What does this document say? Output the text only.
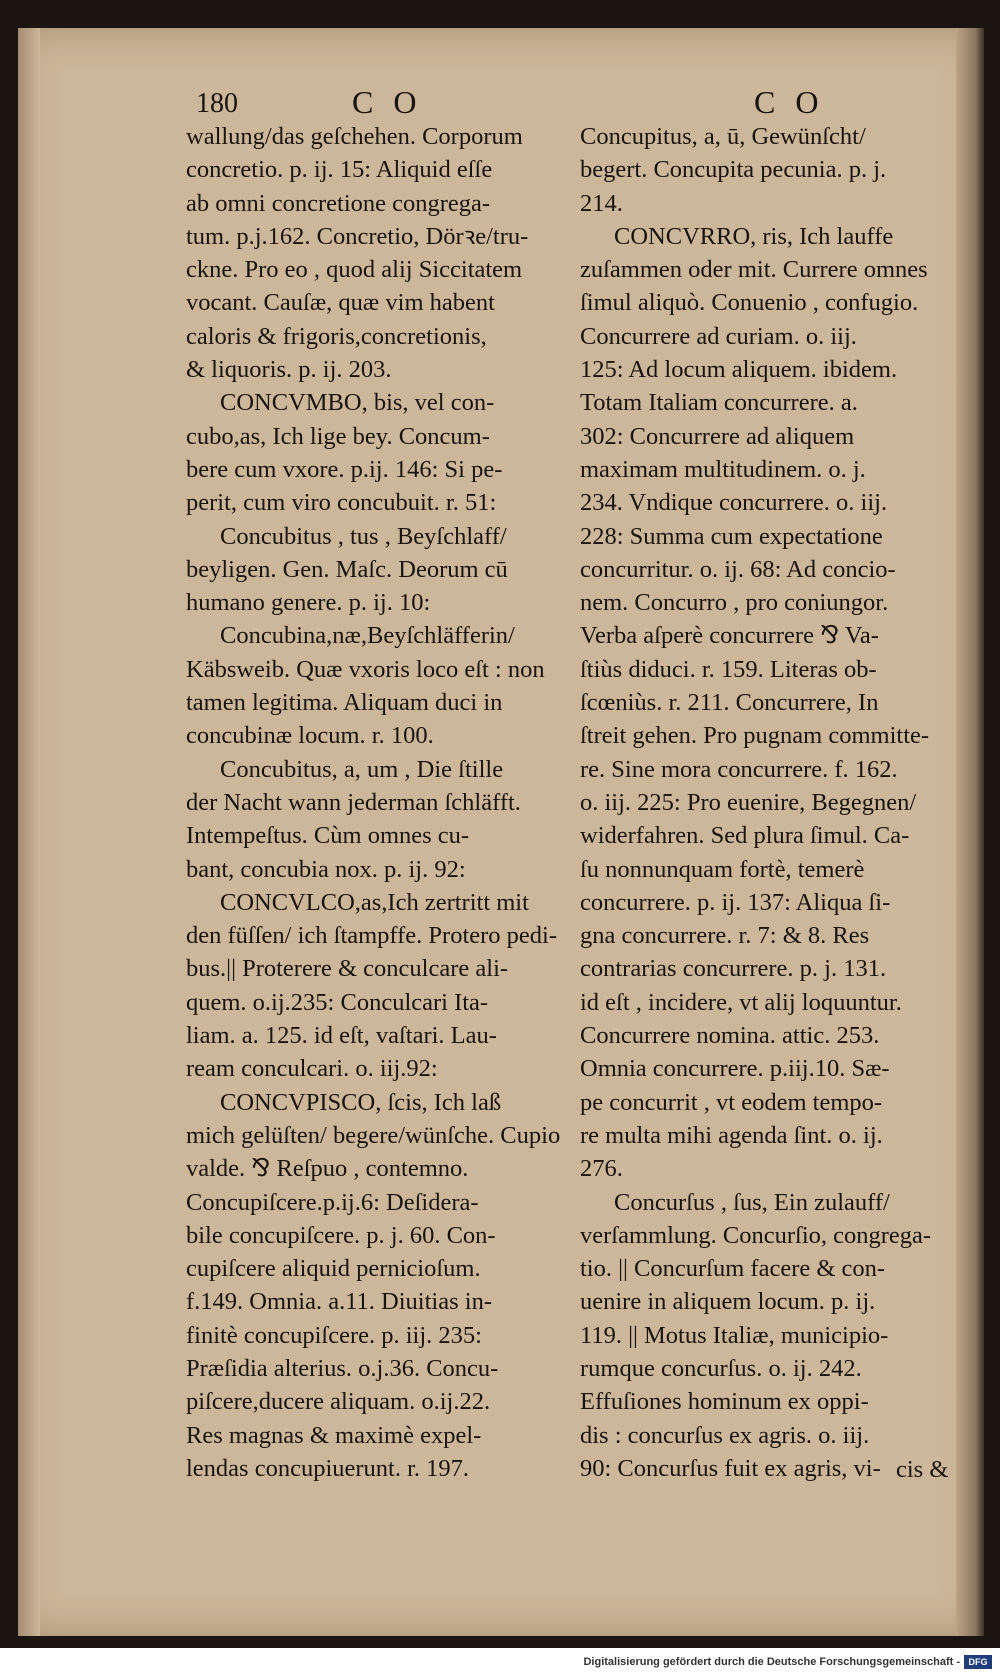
180	C O	C O
wallung/das geſchehen. Corporum
concretio. p. ij. 15: Aliquid eſſe
ab omni concretione congrega-
tum. p.j.162. Concretio, Dörꝛe/tru-
ckne. Pro eo , quod alij Siccitatem
vocant. Cauſæ, quæ vim habent
caloris & frigoris,concretionis,
& liquoris. p. ij. 203.
CONCVMBO, bis, vel con-
cubo,as, Ich lige bey. Concum-
bere cum vxore. p.ij. 146: Si pe-
perit, cum viro concubuit. r. 51:
Concubitus , tus , Beyſchlaff/
beyligen. Gen. Maſc. Deorum cū
humano genere. p. ij. 10:
Concubina,næ,Beyſchläfferin/
Käbsweib. Quæ vxoris loco eſt : non
tamen legitima. Aliquam duci in
concubinæ locum. r. 100.
Concubitus, a, um , Die ſtille
der Nacht wann jederman ſchläfft.
Intempeſtus. Cùm omnes cu-
bant, concubia nox. p. ij. 92:
CONCVLCO,as,Ich zertritt mit
den füſſen/ ich ſtampffe. Protero pedi-
bus.|| Proterere & conculcare ali-
quem. o.ij.235: Conculcari Ita-
liam. a. 125. id eſt, vaſtari. Lau-
ream conculcari. o. iij.92:
CONCVPISCO, ſcis, Ich laß
mich gelüſten/ begere/wünſche. Cupio
valde. ⅋ Reſpuo , contemno.
Concupiſcere.p.ij.6: Deſidera-
bile concupiſcere. p. j. 60. Con-
cupiſcere aliquid pernicioſum.
f.149. Omnia. a.11. Diuitias in-
finitè concupiſcere. p. iij. 235:
Præſidia alterius. o.j.36. Concu-
piſcere,ducere aliquam. o.ij.22.
Res magnas & maximè expel-
lendas concupiuerunt. r. 197.
Concupitus, a, ū, Gewünſcht/
begert. Concupita pecunia. p. j.
214.
CONCVRRO, ris, Ich lauffe
zuſammen oder mit. Currere omnes
ſimul aliquò. Conuenio , confugio.
Concurrere ad curiam. o. iij.
125: Ad locum aliquem. ibidem.
Totam Italiam concurrere. a.
302: Concurrere ad aliquem
maximam multitudinem. o. j.
234. Vndique concurrere. o. iij.
228: Summa cum expectatione
concurritur. o. ij. 68: Ad concio-
nem. Concurro , pro coniungor.
Verba aſperè concurrere ⅋ Va-
ſtiùs diduci. r. 159. Literas ob-
ſcœniùs. r. 211. Concurrere, In
ſtreit gehen. Pro pugnam committe-
re. Sine mora concurrere. f. 162.
o. iij. 225: Pro euenire, Begegnen/
widerfahren. Sed plura ſimul. Ca-
ſu nonnunquam fortè, temerè
concurrere. p. ij. 137: Aliqua ſi-
gna concurrere. r. 7: & 8. Res
contrarias concurrere. p. j. 131.
id eſt , incidere, vt alij loquuntur.
Concurrere nomina. attic. 253.
Omnia concurrere. p.iij.10. Sæ-
pe concurrit , vt eodem tempo-
re multa mihi agenda ſint. o. ij.
276.
Concurſus , ſus, Ein zulauff/
verſammlung. Concurſio, congrega-
tio. || Concurſum facere & con-
uenire in aliquem locum. p. ij.
119. || Motus Italiæ, municipio-
rumque concurſus. o. ij. 242.
Effuſiones hominum ex oppi-
dis : concurſus ex agris. o. iij.
90: Concurſus fuit ex agris, vi- cis &
Digitalisierung gefördert durch die Deutsche Forschungsgemeinschaft - DFG
